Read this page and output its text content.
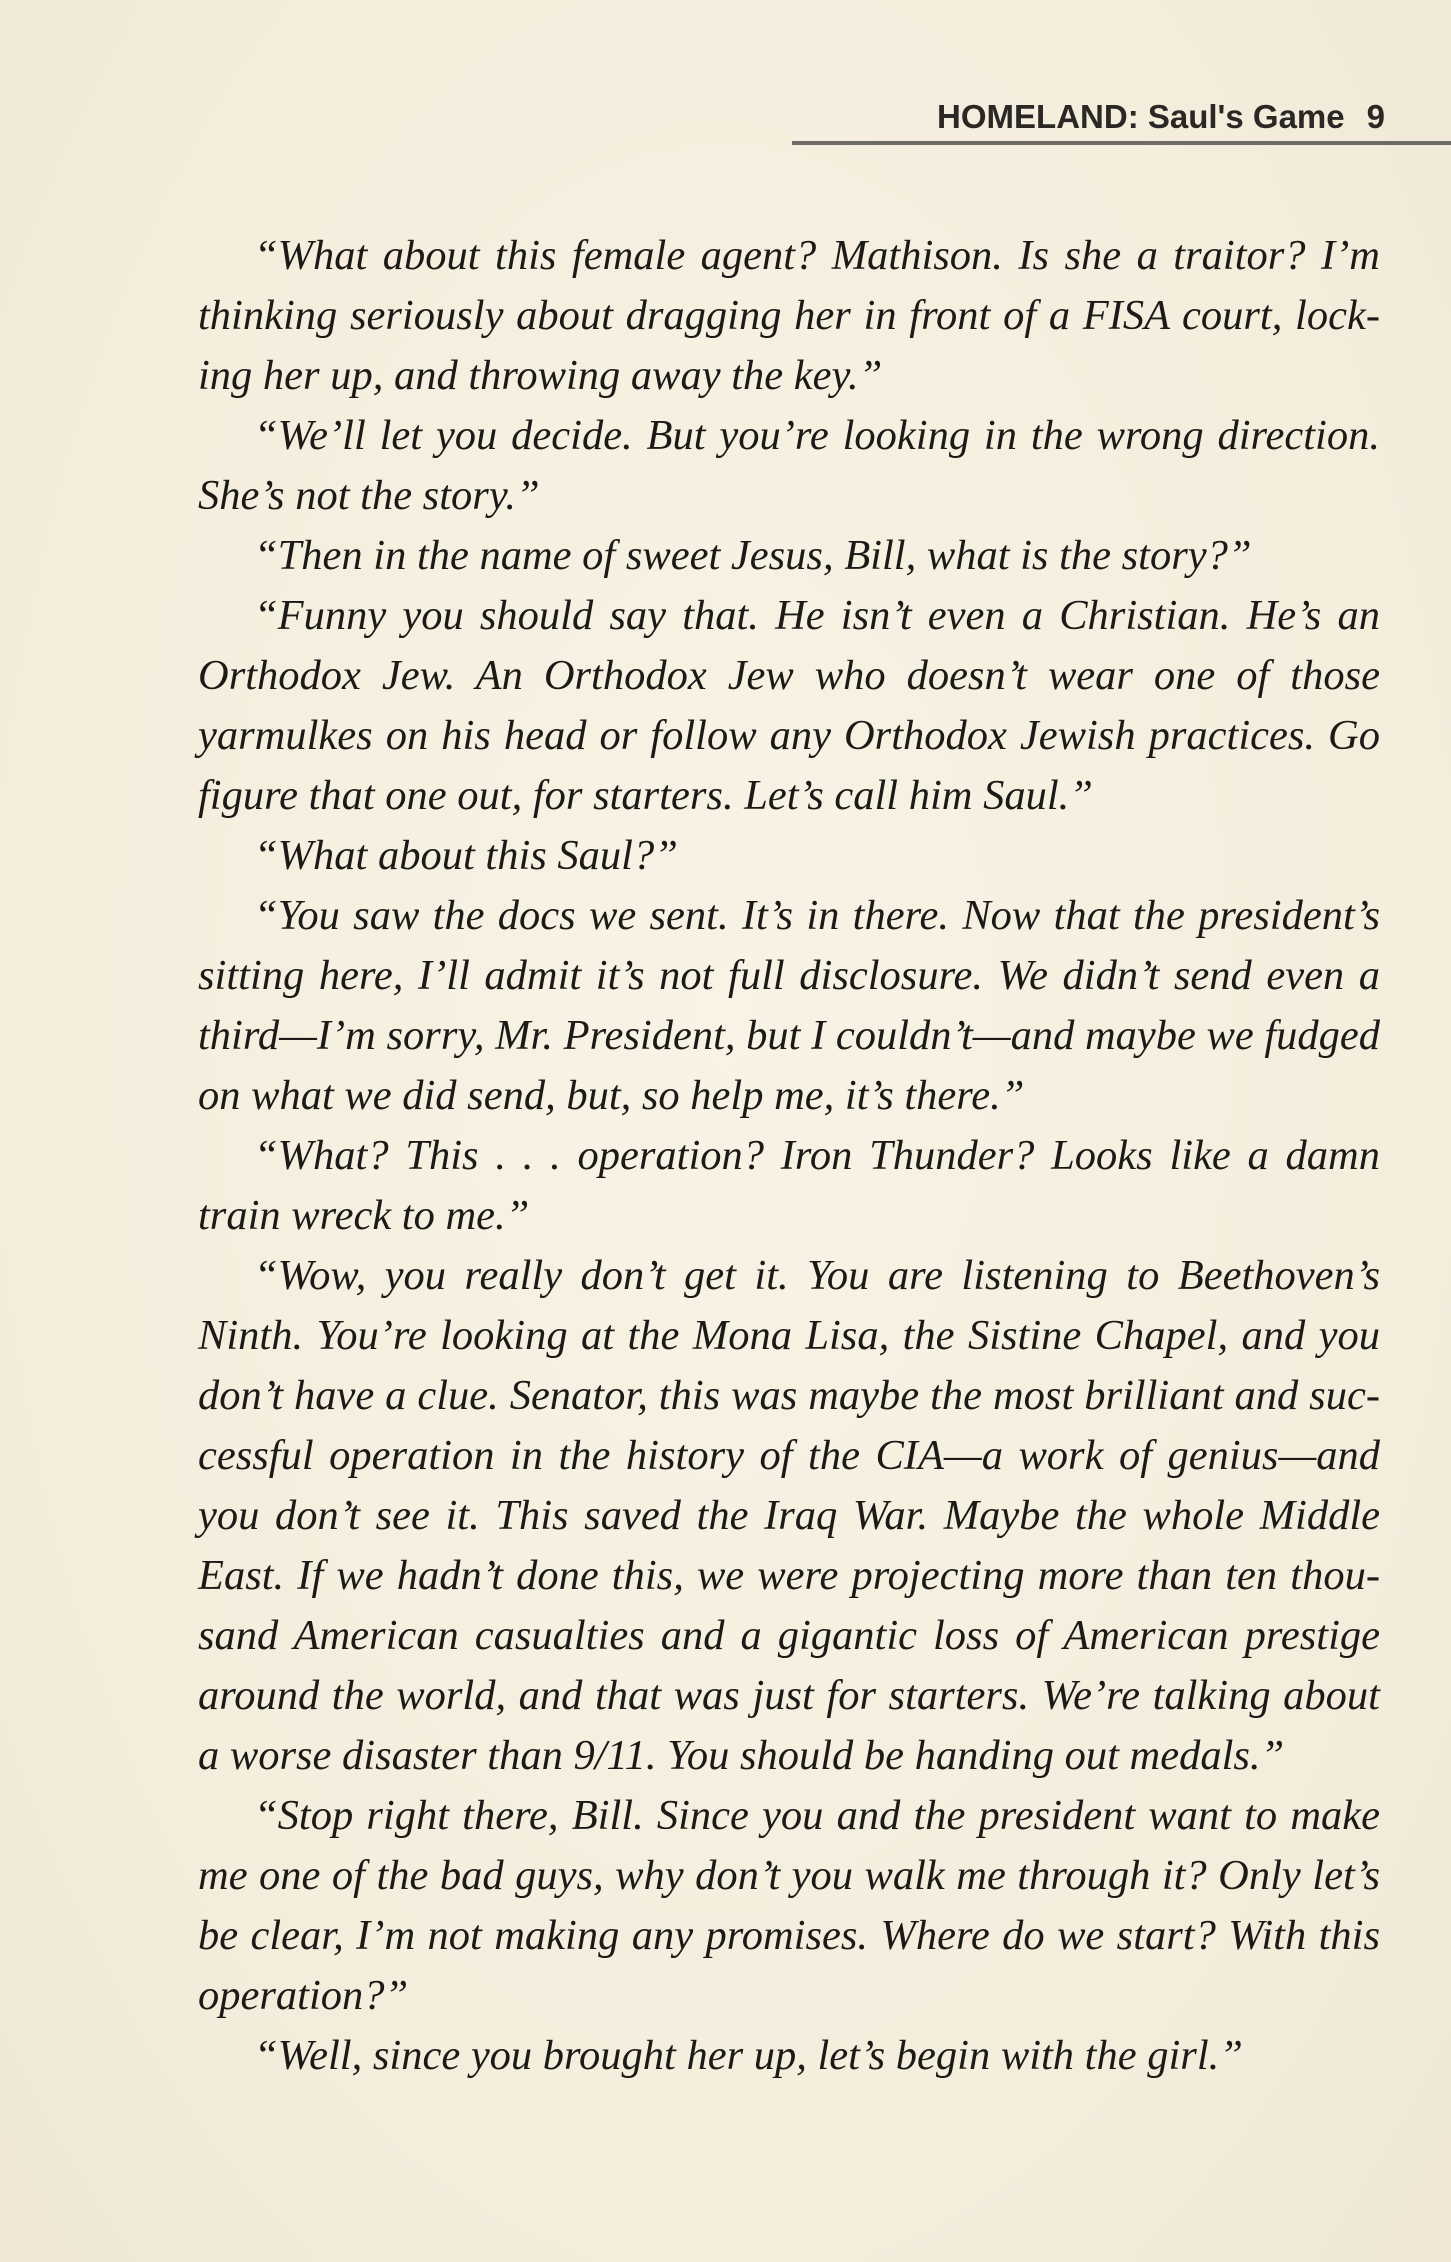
HOMELAND: Saul's Game 9

“What about this female agent? Mathison. Is she a traitor? I’m thinking seriously about dragging her in front of a FISA court, locking her up, and throwing away the key.”

“We’ll let you decide. But you’re looking in the wrong direction. She’s not the story.”

“Then in the name of sweet Jesus, Bill, what is the story?”

“Funny you should say that. He isn’t even a Christian. He’s an Orthodox Jew. An Orthodox Jew who doesn’t wear one of those yarmulkes on his head or follow any Orthodox Jewish practices. Go figure that one out, for starters. Let’s call him Saul.”

“What about this Saul?”

“You saw the docs we sent. It’s in there. Now that the president’s sitting here, I’ll admit it’s not full disclosure. We didn’t send even a third—I’m sorry, Mr. President, but I couldn’t—and maybe we fudged on what we did send, but, so help me, it’s there.”

“What? This . . . operation? Iron Thunder? Looks like a damn train wreck to me.”

“Wow, you really don’t get it. You are listening to Beethoven’s Ninth. You’re looking at the Mona Lisa, the Sistine Chapel, and you don’t have a clue. Senator, this was maybe the most brilliant and successful operation in the history of the CIA—a work of genius—and you don’t see it. This saved the Iraq War. Maybe the whole Middle East. If we hadn’t done this, we were projecting more than ten thousand American casualties and a gigantic loss of American prestige around the world, and that was just for starters. We’re talking about a worse disaster than 9/11. You should be handing out medals.”

“Stop right there, Bill. Since you and the president want to make me one of the bad guys, why don’t you walk me through it? Only let’s be clear, I’m not making any promises. Where do we start? With this operation?”

“Well, since you brought her up, let’s begin with the girl.”
